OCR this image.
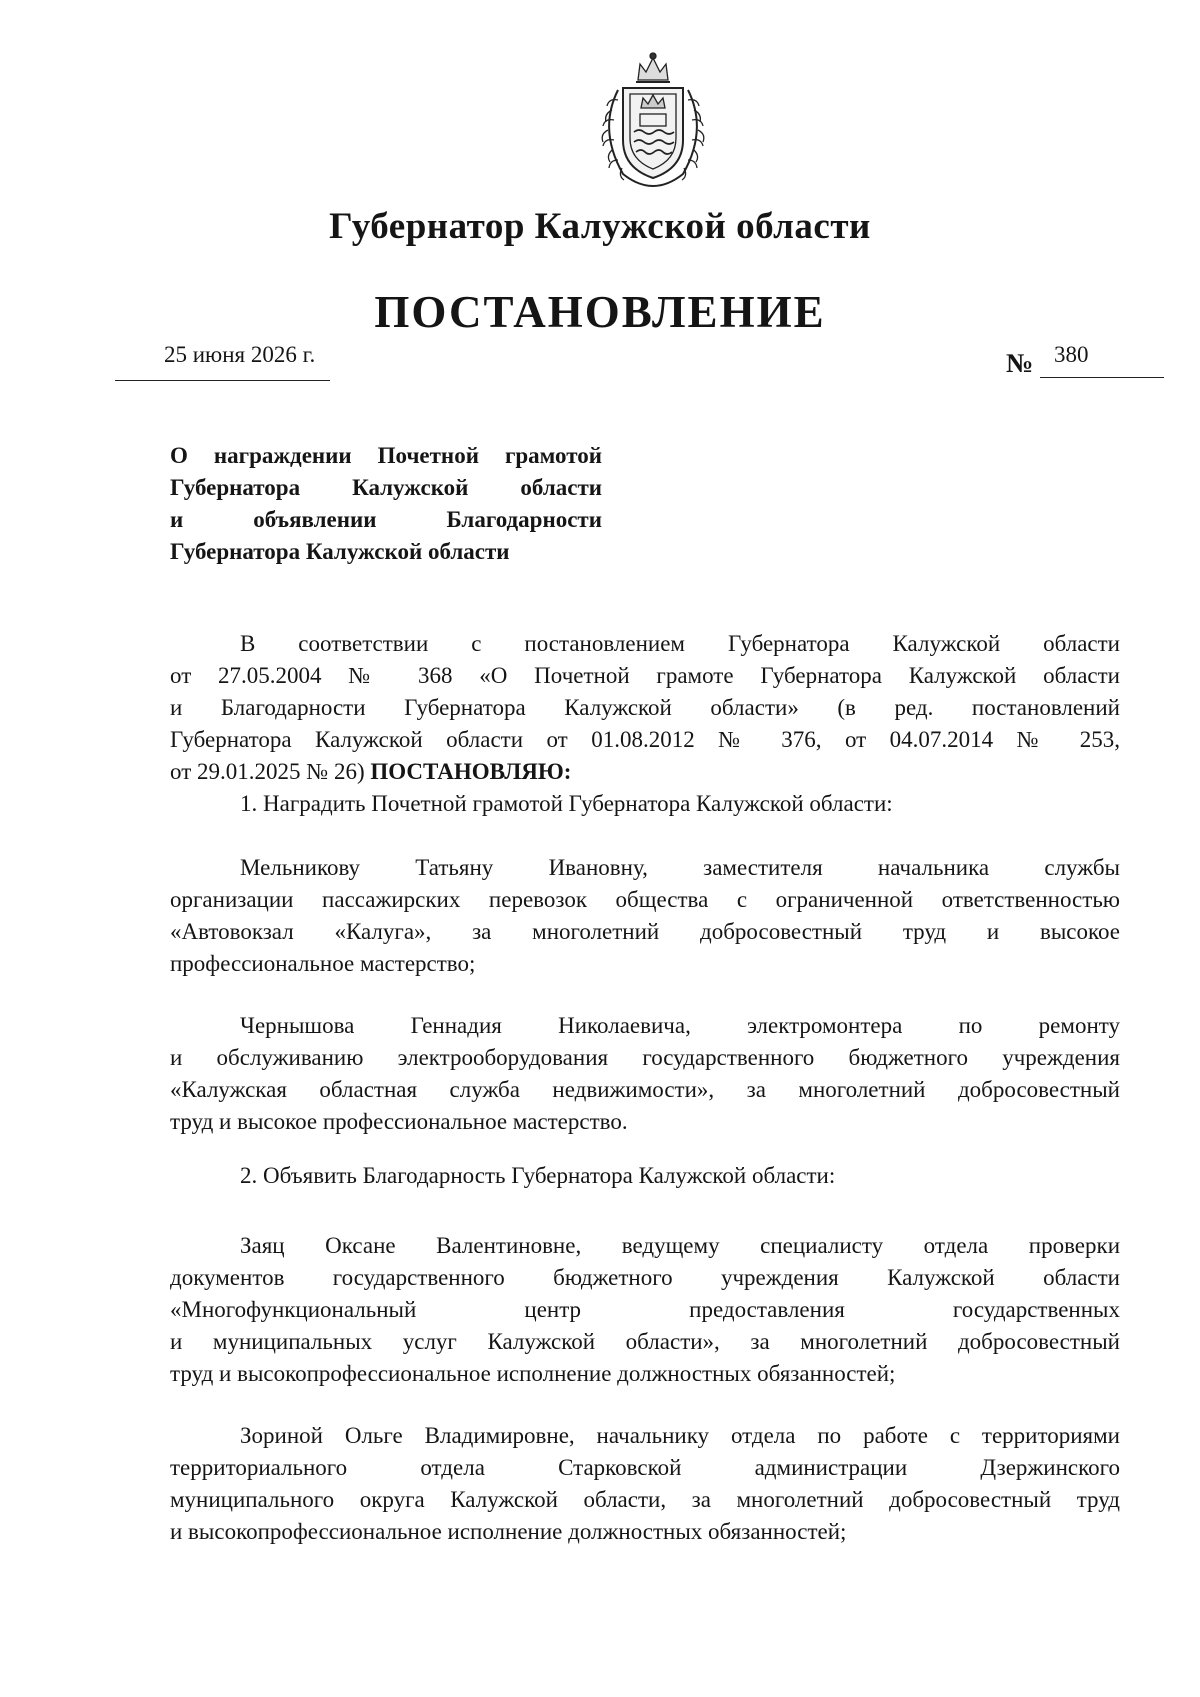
Губернатор Калужской области
ПОСТАНОВЛЕНИЕ
25 июня 2026 г.	№ 380
О награждении Почетной грамотой
Губернатора Калужской области
и объявлении Благодарности
Губернатора Калужской области
В соответствии с постановлением Губернатора Калужской области
от 27.05.2004 № 368 «О Почетной грамоте Губернатора Калужской области
и Благодарности Губернатора Калужской области» (в ред. постановлений
Губернатора Калужской области от 01.08.2012 № 376, от 04.07.2014 № 253,
от 29.01.2025 № 26) ПОСТАНОВЛЯЮ:
1. Наградить Почетной грамотой Губернатора Калужской области:
Мельникову Татьяну Ивановну, заместителя начальника службы
организации пассажирских перевозок общества с ограниченной ответственностью
«Автовокзал «Калуга», за многолетний добросовестный труд и высокое
профессиональное мастерство;
Чернышова Геннадия Николаевича, электромонтера по ремонту
и обслуживанию электрооборудования государственного бюджетного учреждения
«Калужская областная служба недвижимости», за многолетний добросовестный
труд и высокое профессиональное мастерство.
2. Объявить Благодарность Губернатора Калужской области:
Заяц Оксане Валентиновне, ведущему специалисту отдела проверки
документов государственного бюджетного учреждения Калужской области
«Многофункциональный центр предоставления государственных
и муниципальных услуг Калужской области», за многолетний добросовестный
труд и высокопрофессиональное исполнение должностных обязанностей;
Зориной Ольге Владимировне, начальнику отдела по работе с территориями
территориального отдела Старковской администрации Дзержинского
муниципального округа Калужской области, за многолетний добросовестный труд
и высокопрофессиональное исполнение должностных обязанностей;
